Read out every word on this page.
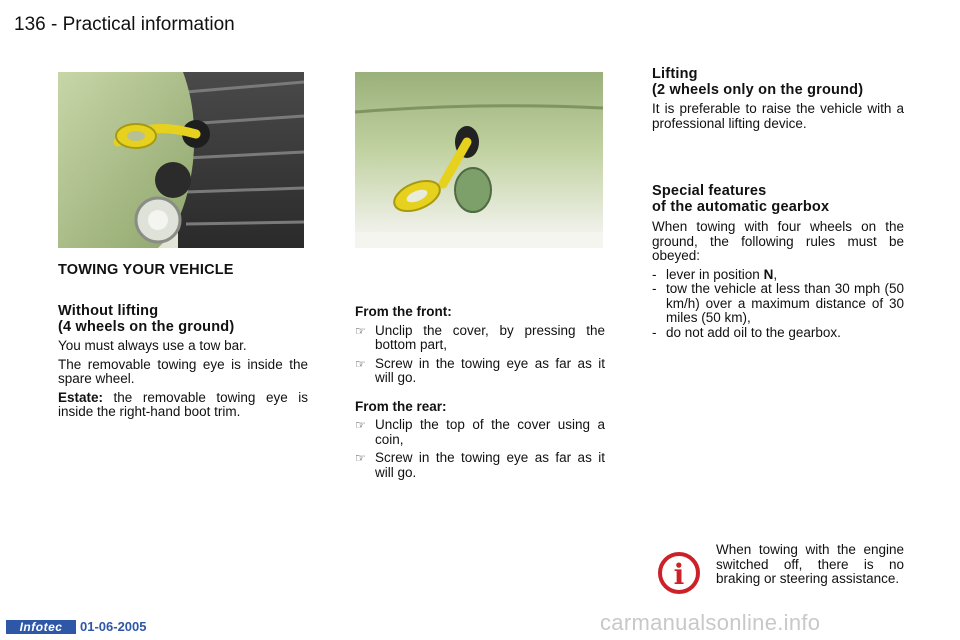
136 - Practical information
TOWING YOUR VEHICLE
Without lifting
(4 wheels on the ground)
You must always use a tow bar.
The removable towing eye is inside the spare wheel.
Estate: the removable towing eye is inside the right-hand boot trim.
From the front:
☞ Unclip the cover, by pressing the bottom part,
☞ Screw in the towing eye as far as it will go.
From the rear:
☞ Unclip the top of the cover using a coin,
☞ Screw in the towing eye as far as it will go.
Lifting
(2 wheels only on the ground)
It is preferable to raise the vehicle with a professional lifting device.
Special features
of the automatic gearbox
When towing with four wheels on the ground, the following rules must be obeyed:
- lever in position N,
- tow the vehicle at less than 30 mph (50 km/h) over a maximum distance of 30 miles (50 km),
- do not add oil to the gearbox.
i
When towing with the engine switched off, there is no braking or steering assistance.
Infotec	01-06-2005	carmanualsonline.info
